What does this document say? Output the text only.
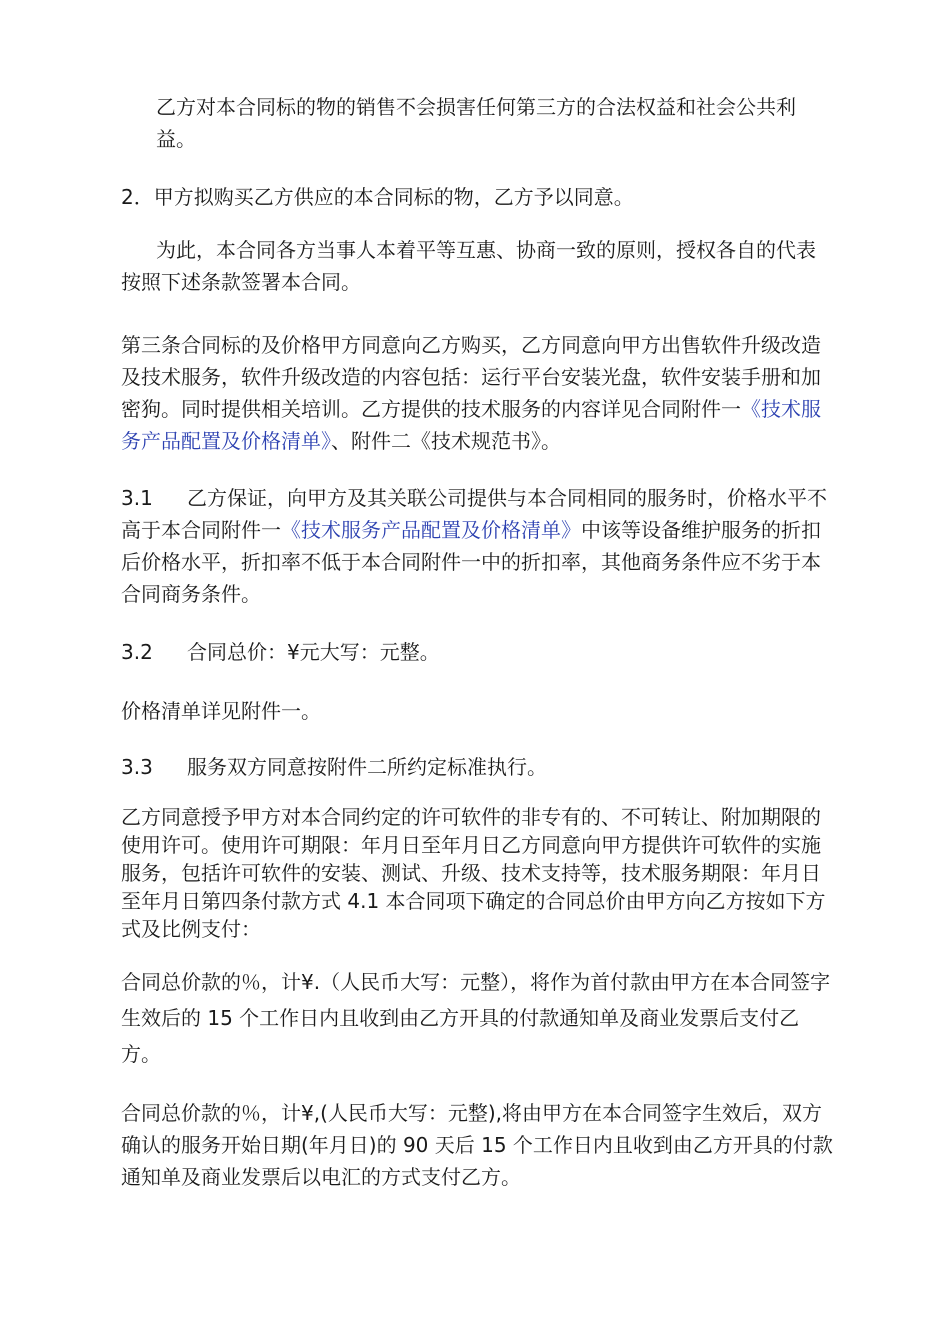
乙方对本合同标的物的销售不会损害任何第三方的合法权益和社会公共利
益。
2．甲方拟购买乙方供应的本合同标的物，乙方予以同意。
为此，本合同各方当事人本着平等互惠、协商一致的原则，授权各自的代表
按照下述条款签署本合同。
第三条合同标的及价格甲方同意向乙方购买，乙方同意向甲方出售软件升级改造
及技术服务，软件升级改造的内容包括：运行平台安装光盘，软件安装手册和加
密狗。同时提供相关培训。乙方提供的技术服务的内容详见合同附件一《技术服
务产品配置及价格清单》、附件二《技术规范书》。
3.1 乙方保证，向甲方及其关联公司提供与本合同相同的服务时，价格水平不
高于本合同附件一《技术服务产品配置及价格清单》中该等设备维护服务的折扣
后价格水平，折扣率不低于本合同附件一中的折扣率，其他商务条件应不劣于本
合同商务条件。
3.2 合同总价：¥元大写：元整。
价格清单详见附件一。
3.3 服务双方同意按附件二所约定标准执行。
乙方同意授予甲方对本合同约定的许可软件的非专有的、不可转让、附加期限的
使用许可。使用许可期限：年月日至年月日乙方同意向甲方提供许可软件的实施
服务，包括许可软件的安装、测试、升级、技术支持等，技术服务期限：年月日
至年月日第四条付款方式 4.1 本合同项下确定的合同总价由甲方向乙方按如下方
式及比例支付：
合同总价款的％，计¥.（人民币大写：元整），将作为首付款由甲方在本合同签字
生效后的 15 个工作日内且收到由乙方开具的付款通知单及商业发票后支付乙
方。
合同总价款的％，计¥,(人民币大写：元整),将由甲方在本合同签字生效后，双方
确认的服务开始日期(年月日)的 90 天后 15 个工作日内且收到由乙方开具的付款
通知单及商业发票后以电汇的方式支付乙方。
